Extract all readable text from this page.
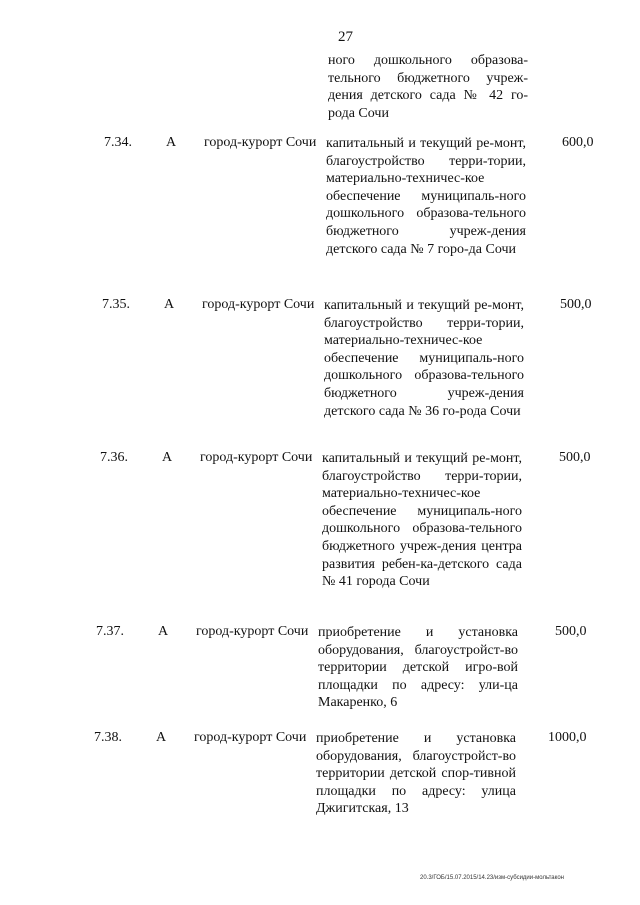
27
ного дошкольного образова-тельного бюджетного учреж-дения детского сада № 42 го-рода Сочи
7.34. А город-курорт Сочи капитальный и текущий ре-монт, благоустройство терри-тории, материально-техничес-кое обеспечение муниципаль-ного дошкольного образова-тельного бюджетного учреж-дения детского сада № 7 горо-да Сочи
600,0
7.35. А город-курорт Сочи капитальный и текущий ре-монт, благоустройство терри-тории, материально-техничес-кое обеспечение муниципаль-ного дошкольного образова-тельного бюджетного учреж-дения детского сада № 36 го-рода Сочи
500,0
7.36. А город-курорт Сочи капитальный и текущий ре-монт, благоустройство терри-тории, материально-техничес-кое обеспечение муниципаль-ного дошкольного образова-тельного бюджетного учреж-дения центра развития ребен-ка-детского сада № 41 города Сочи
500,0
7.37. А город-курорт Сочи приобретение и установка оборудования, благоустройст-во территории детской игро-вой площадки по адресу: ули-ца Макаренко, 6
500,0
7.38. А город-курорт Сочи приобретение и установка оборудования, благоустройст-во территории детской спор-тивной площадки по адресу: улица Джигитская, 13
1000,0
20.3/ГОБ/15.07.2015/14.23/изм-субсидии-мольтакон
